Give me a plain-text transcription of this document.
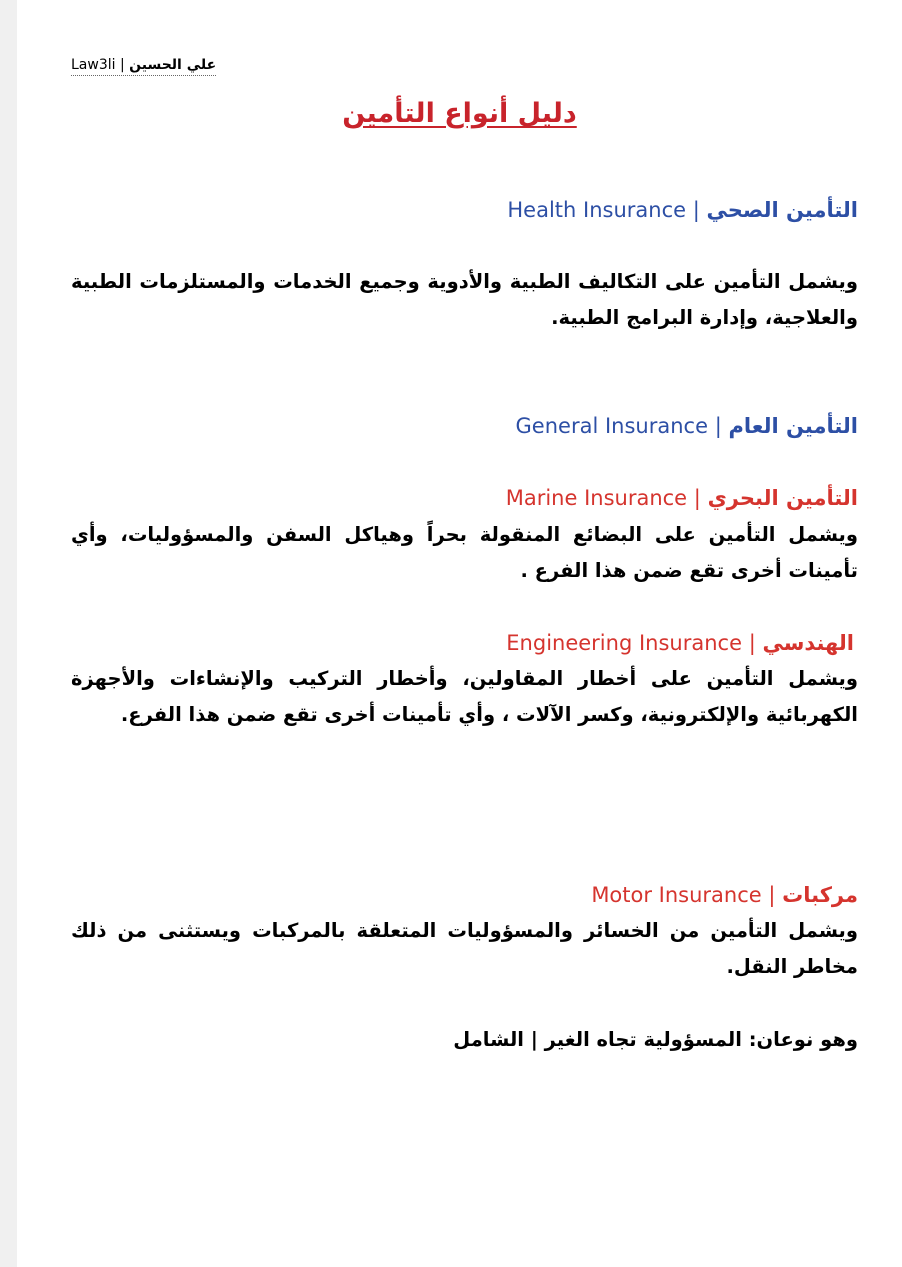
Law3li | علي الحسين
دليل أنواع التأمين
التأمين الصحي | Health Insurance
ويشمل التأمين على التكاليف الطبية والأدوية وجميع الخدمات والمستلزمات الطبية والعلاجية، وإدارة البرامج الطبية.
التأمين العام | General Insurance
التأمين البحري | Marine Insurance
ويشمل التأمين على البضائع المنقولة بحراً وهياكل السفن والمسؤوليات، وأي تأمينات أخرى تقع ضمن هذا الفرع .
الهندسي | Engineering Insurance
ويشمل التأمين على أخطار المقاولين، وأخطار التركيب والإنشاءات والأجهزة الكهربائية والإلكترونية، وكسر الآلات ، وأي تأمينات أخرى تقع ضمن هذا الفرع.
مركبات | Motor Insurance
ويشمل التأمين من الخسائر والمسؤوليات المتعلقة بالمركبات ويستثنى من ذلك مخاطر النقل.
وهو نوعان: المسؤولية تجاه الغير | الشامل
